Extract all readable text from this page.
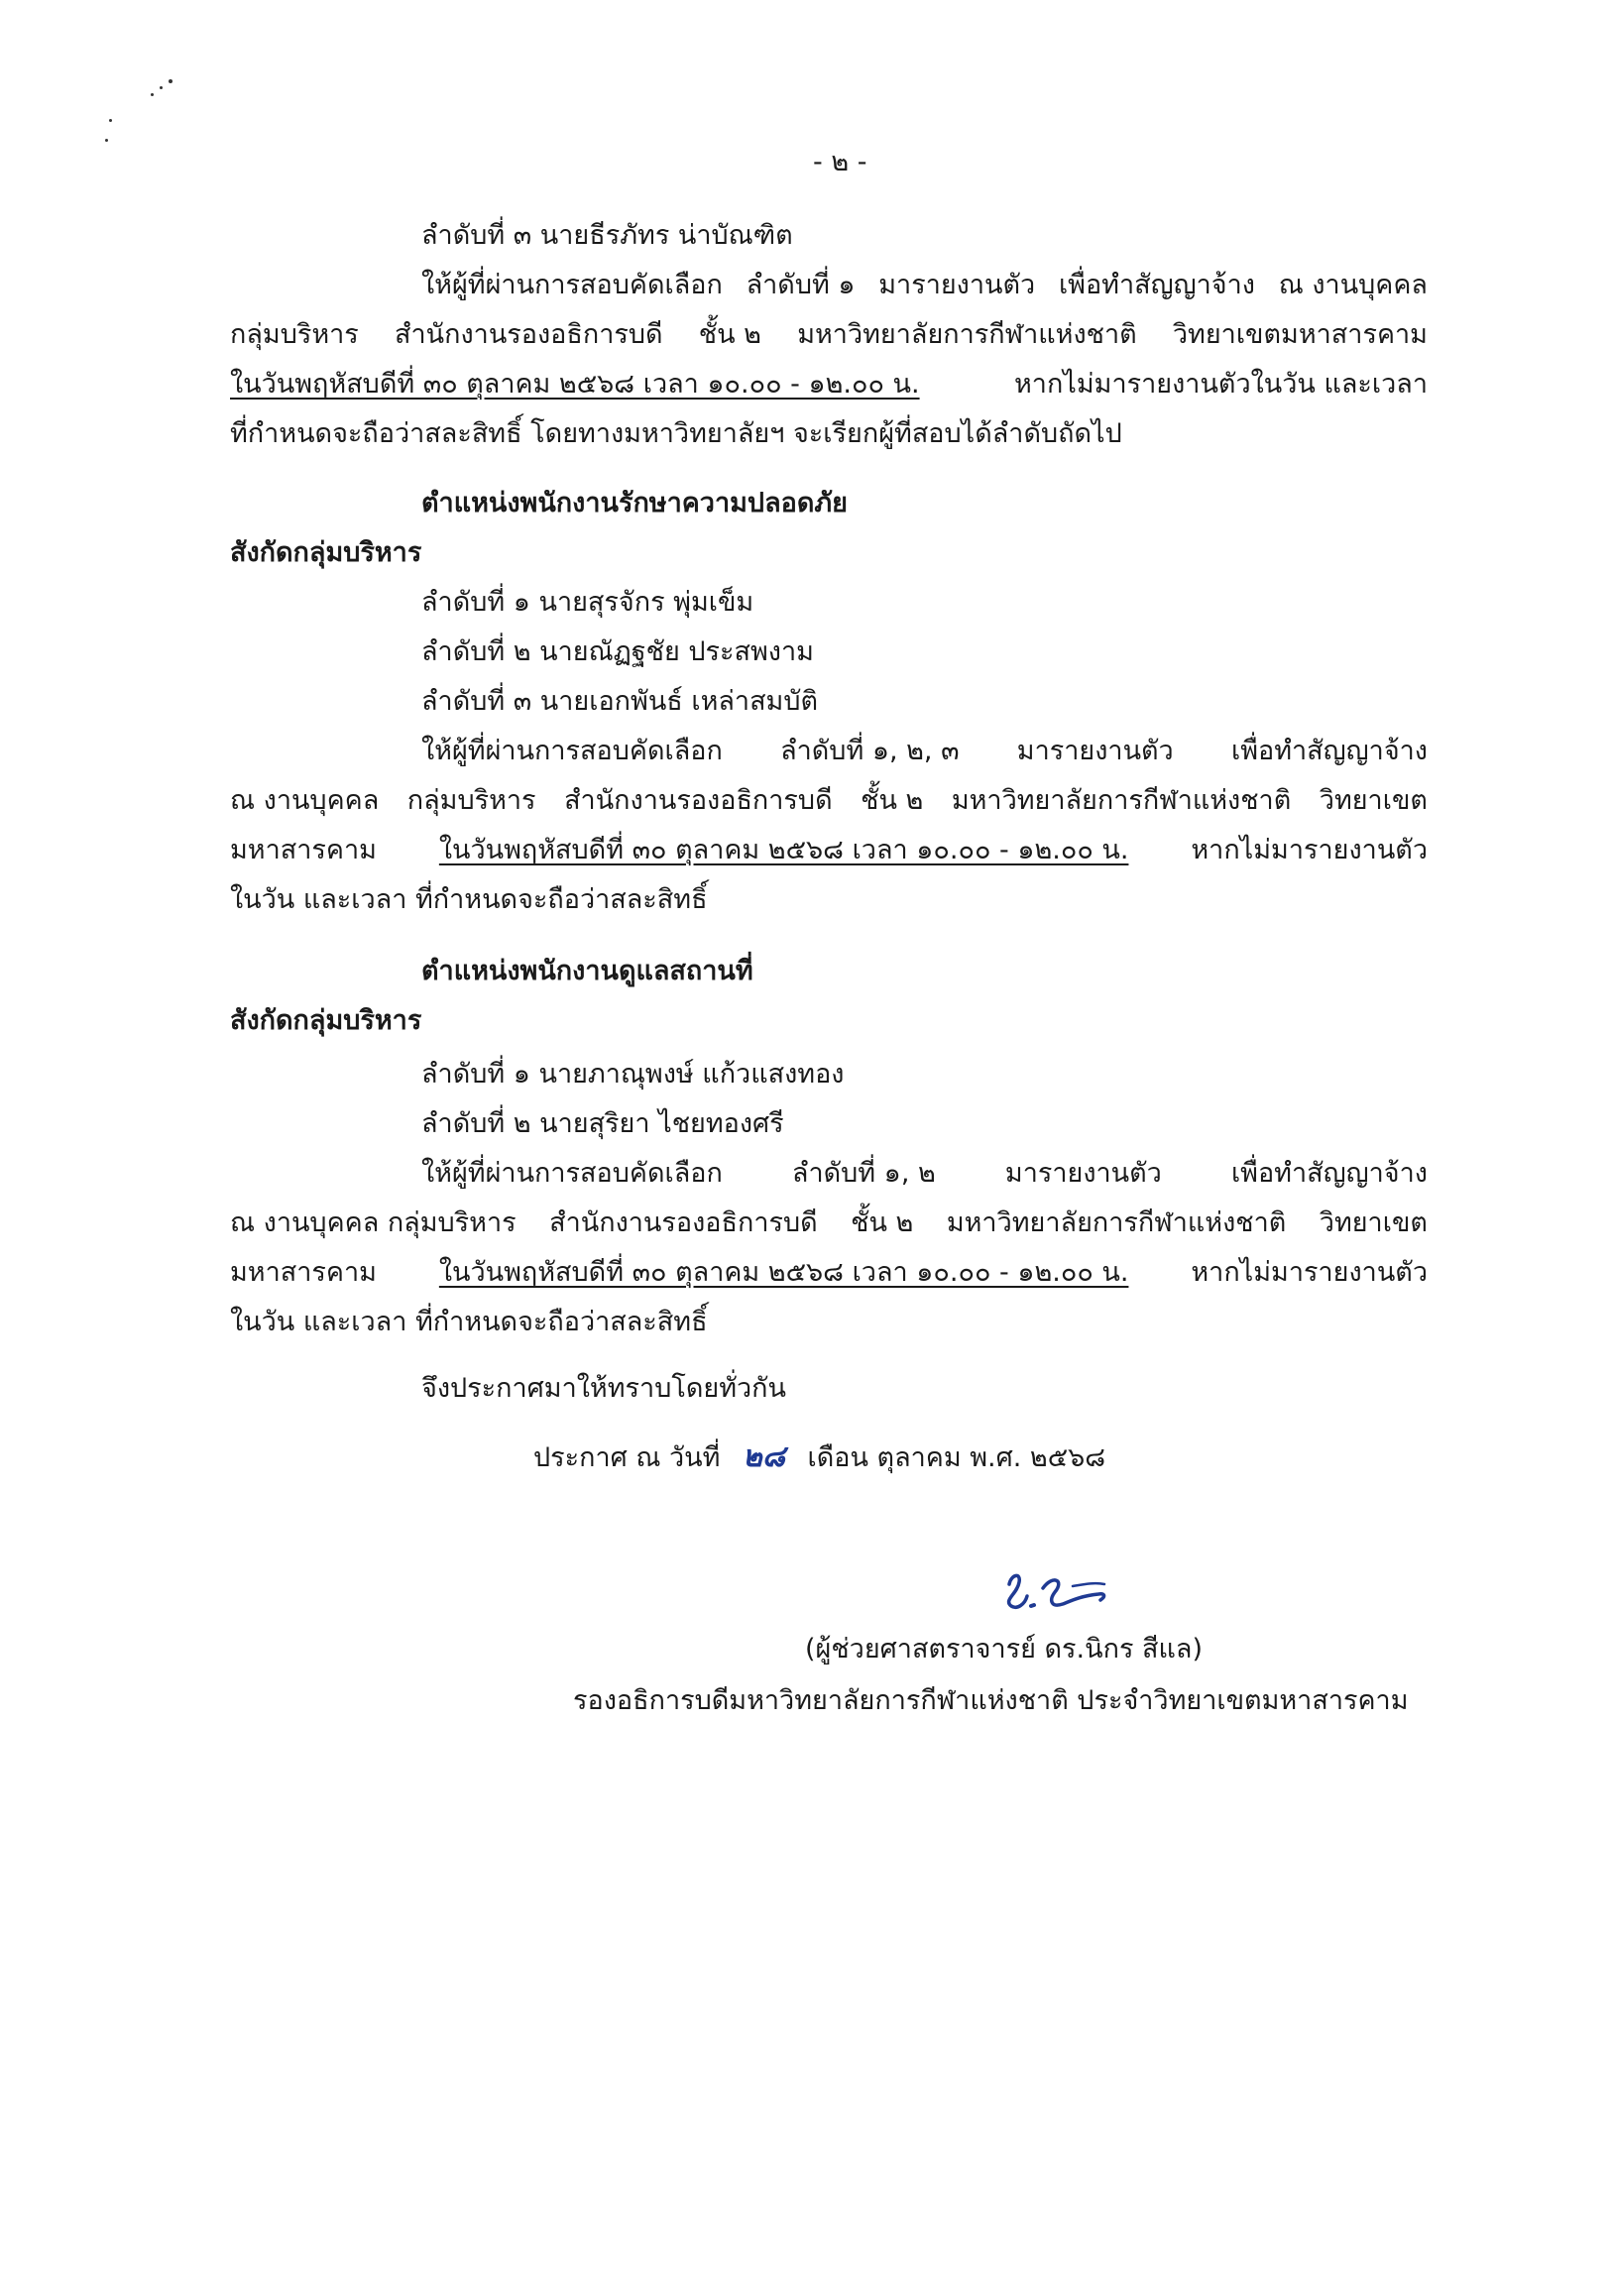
- ๒ -
ลำดับที่ ๓ นายธีรภัทร น่าบัณฑิต
ให้ผู้ที่ผ่านการสอบคัดเลือก ลำดับที่ ๑ มารายงานตัว เพื่อทำสัญญาจ้าง ณ งานบุคคล
กลุ่มบริหาร สำนักงานรองอธิการบดี ชั้น ๒ มหาวิทยาลัยการกีฬาแห่งชาติ วิทยาเขตมหาสารคาม
ในวันพฤหัสบดีที่ ๓๐ ตุลาคม ๒๕๖๘ เวลา ๑๐.๐๐ - ๑๒.๐๐ น.	หากไม่มารายงานตัวในวัน และเวลา
ที่กำหนดจะถือว่าสละสิทธิ์ โดยทางมหาวิทยาลัยฯ จะเรียกผู้ที่สอบได้ลำดับถัดไป
ตำแหน่งพนักงานรักษาความปลอดภัย
สังกัดกลุ่มบริหาร
ลำดับที่ ๑ นายสุรจักร พุ่มเข็ม
ลำดับที่ ๒ นายณัฏฐชัย ประสพงาม
ลำดับที่ ๓ นายเอกพันธ์ เหล่าสมบัติ
ให้ผู้ที่ผ่านการสอบคัดเลือก ลำดับที่ ๑, ๒, ๓ มารายงานตัว เพื่อทำสัญญาจ้าง
ณ งานบุคคล กลุ่มบริหาร สำนักงานรองอธิการบดี ชั้น ๒ มหาวิทยาลัยการกีฬาแห่งชาติ วิทยาเขต
มหาสารคาม ในวันพฤหัสบดีที่ ๓๐ ตุลาคม ๒๕๖๘ เวลา ๑๐.๐๐ - ๑๒.๐๐ น. หากไม่มารายงานตัว
ในวัน และเวลา ที่กำหนดจะถือว่าสละสิทธิ์
ตำแหน่งพนักงานดูแลสถานที่
สังกัดกลุ่มบริหาร
ลำดับที่ ๑ นายภาณุพงษ์ แก้วแสงทอง
ลำดับที่ ๒ นายสุริยา ไชยทองศรี
ให้ผู้ที่ผ่านการสอบคัดเลือก	ลำดับที่ ๑, ๒	มารายงานตัว	เพื่อทำสัญญาจ้าง
ณ งานบุคคล กลุ่มบริหาร สำนักงานรองอธิการบดี ชั้น ๒ มหาวิทยาลัยการกีฬาแห่งชาติ วิทยาเขต
มหาสารคาม ในวันพฤหัสบดีที่ ๓๐ ตุลาคม ๒๕๖๘ เวลา ๑๐.๐๐ - ๑๒.๐๐ น. หากไม่มารายงานตัว
ในวัน และเวลา ที่กำหนดจะถือว่าสละสิทธิ์
จึงประกาศมาให้ทราบโดยทั่วกัน
ประกาศ ณ วันที่ ๒๘ เดือน ตุลาคม พ.ศ. ๒๕๖๘
(ผู้ช่วยศาสตราจารย์ ดร.นิกร สีแล)
รองอธิการบดีมหาวิทยาลัยการกีฬาแห่งชาติ ประจำวิทยาเขตมหาสารคาม
